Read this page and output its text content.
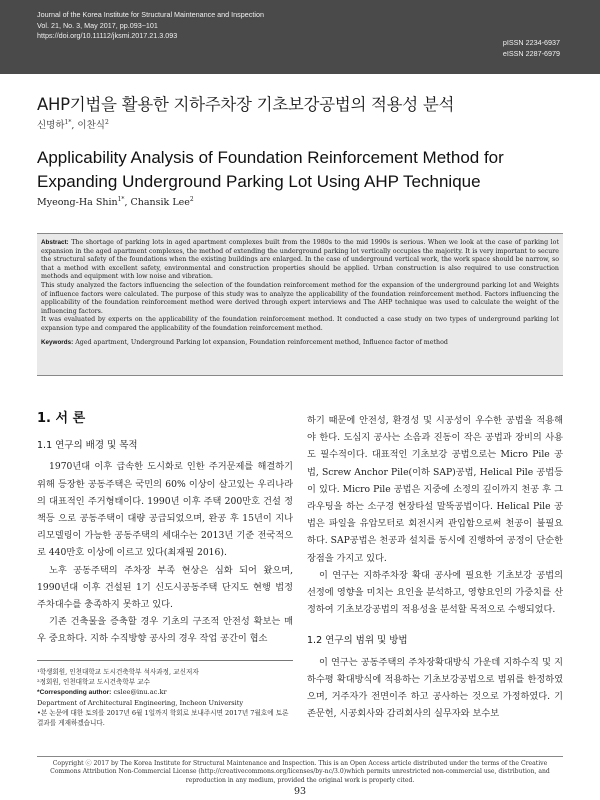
Journal of the Korea Institute for Structural Maintenance and Inspection
Vol. 21, No. 3, May 2017, pp.093~101
https://doi.org/10.11112/jksmi.2017.21.3.093
pISSN 2234-6937
eISSN 2287-6979
AHP기법을 활용한 지하주차장 기초보강공법의 적용성 분석
신명하$^{1*}$, 이찬식$^2$
Applicability Analysis of Foundation Reinforcement Method for
Expanding Underground Parking Lot Using AHP Technique
Myeong-Ha Shin$^{1*}$, Chansik Lee$^2$

Abstract: The shortage of parking lots in aged apartment complexes built from the 1980s to the mid 1990s is serious. When we look at the case of parking lot expansion in the aged apartment complexes, the method of extending the underground parking lot vertically occupies the majority. It is very important to secure the structural safety of the foundations when the existing buildings are enlarged. In the case of underground vertical work, the work space should be narrow, so that a method with excellent safety, environmental and construction properties should be applied. Urban construction is also required to use construction methods and equipment with low noise and vibration.

This study analyzed the factors influencing the selection of the foundation reinforcement method for the expansion of the underground parking lot and Weights of influence factors were calculated. The purpose of this study was to analyze the applicability of the foundation reinforcement method. Factors influencing the applicability of the foundation reinforcement method were derived through expert interviews and The AHP technique was used to calculate the weight of the influencing factors.

It was evaluated by experts on the applicability of the foundation reinforcement method. It conducted a case study on two types of underground parking lot expansion type and compared the applicability of the foundation reinforcement method.

Keywords: Aged apartment, Underground Parking lot expansion, Foundation reinforcement method, Influence factor of method

1. 서 론
1.1 연구의 배경 및 목적

1970년대 이후 급속한 도시화로 인한 주거문제를 해결하기 위해 등장한 공동주택은 국민의 60% 이상이 살고있는 우리나라의 대표적인 주거형태이다. 1990년 이후 주택 200만호 건설 정책등 으로 공동주택이 대량 공급되었으며, 완공 후 15년이 지나 리모델링이 가능한 공동주택의 세대수는 2013년 기준 전국적으로 440만호 이상에 이르고 있다(최재필 2016).

노후 공동주택의 주차장 부족 현상은 심화 되어 왔으며, 1990년대 이후 건설된 1기 신도시공동주택 단지도 현행 법정 주차대수를 충족하지 못하고 있다.

기존 건축물을 증축할 경우 기초의 구조적 안전성 확보는 매우 중요하다. 지하 수직방향 공사의 경우 작업 공간이 협소

¹학생회원, 인천대학교 도시건축학부 석사과정, 교신저자
²정회원, 인천대학교 도시건축학부 교수
*Corresponding author: cslee@inu.ac.kr
Department of Architectural Engineering, Incheon University
•본 논문에 대한 토의를 2017년 6월 1일까지 학회로 보내주시면 2017년 7월호에 토론결과를 게재하겠습니다.

하기 때문에 안전성, 환경성 및 시공성이 우수한 공법을 적용해야 한다. 도심지 공사는 소음과 진동이 작은 공법과 장비의 사용도 필수적이다. 대표적인 기초보강 공법으로는 Micro Pile 공법, Screw Anchor Pile(이하 SAP)공법, Helical Pile 공법등이 있다. Micro Pile 공법은 지중에 소정의 깊이까지 천공 후 그라우팅을 하는 소구경 현장타설 말뚝공법이다. Helical Pile 공법은 파일을 유압모터로 회전시켜 관입함으로써 천공이 불필요하다. SAP공법은 천공과 설치를 동시에 진행하여 공정이 단순한 장점을 가지고 있다.

이 연구는 지하주차장 확대 공사에 필요한 기초보강 공법의 선정에 영향을 미치는 요인을 분석하고, 영향요인의 가중치를 산정하여 기초보강공법의 적용성을 분석할 목적으로 수행되었다.

1.2 연구의 범위 및 방법

이 연구는 공동주택의 주차장확대방식 가운데 지하수직 및 지하수평 확대방식에 적용하는 기초보강공법으로 범위를 한정하였으며, 거주자가 전면이주 하고 공사하는 것으로 가정하였다. 기존문헌, 시공회사와 감리회사의 실무자와 보수보

Copyright ⓒ 2017 by The Korea Institute for Structural Maintenance and Inspection. This is an Open Access article distributed under the terms of the Creative Commons Attribution Non-Commercial License (http://creativecommons.org/licenses/by-nc/3.0)which permits unrestricted non-commercial use, distribution, and reproduction in any medium, provided the original work is properly cited.
93
